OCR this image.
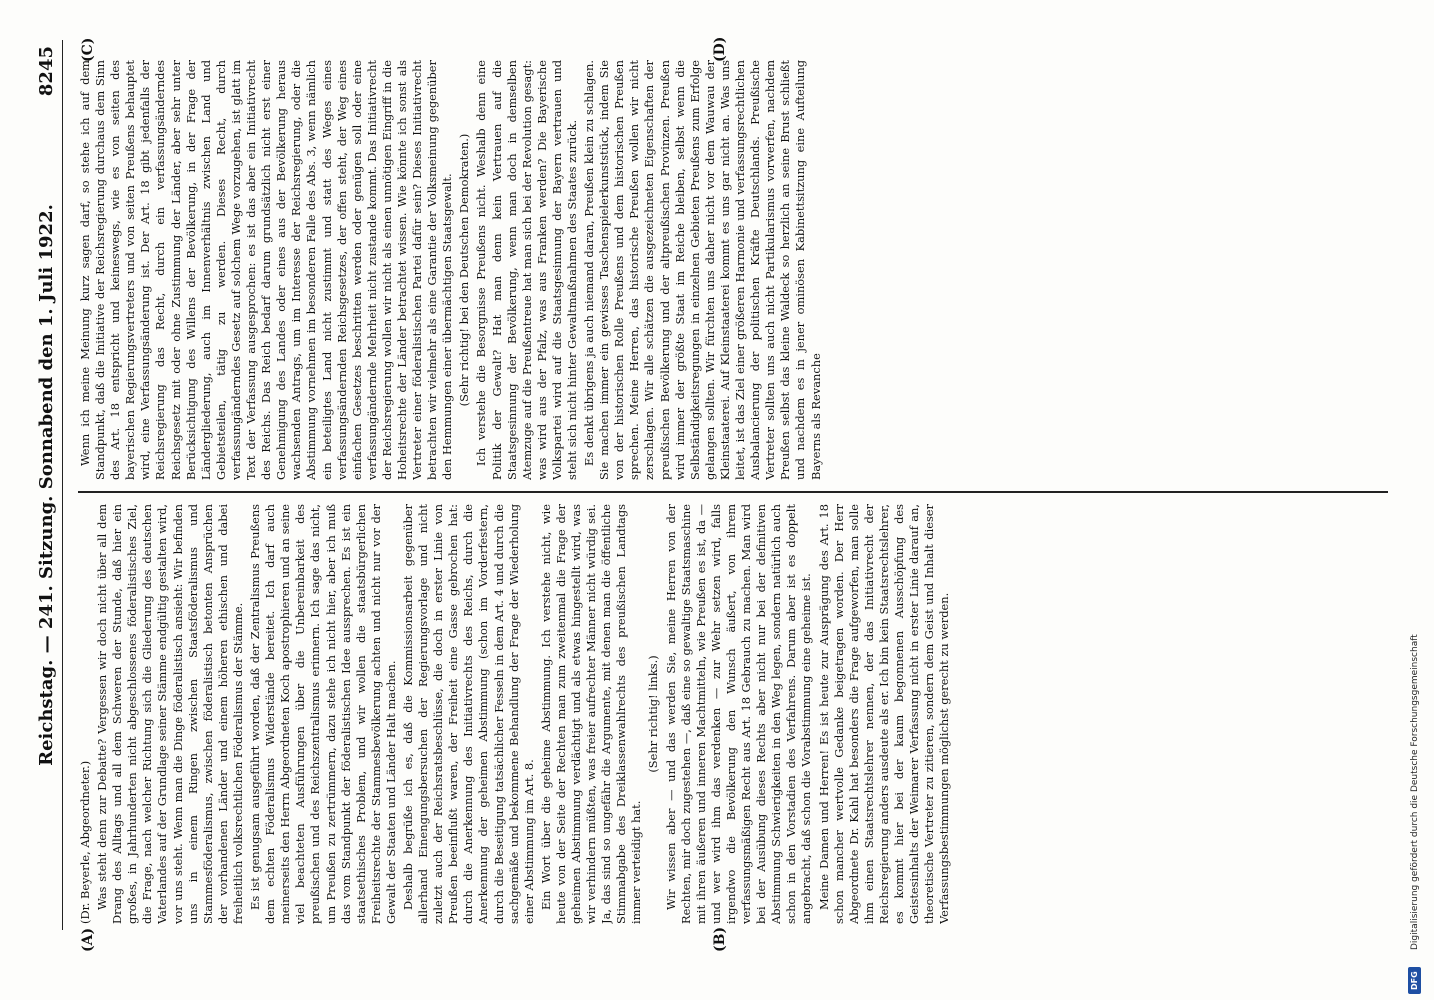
Reichstag. — 241. Sitzung. Sonnabend den 1. Juli 1922.
8245
(A)	(B)
(C)	(D)

(Dr. Beyerle, Abgeordneter.) Was steht denn zur Debatte? Vergessen wir doch nicht über all dem Drang des Alltags und all dem Schweren der Stunde, daß hier ein großes, in Jahrhunderten nicht abgeschlossenes föderalistisches Ziel, die Frage, nach welcher Richtung sich die Gliederung des deutschen Vaterlandes auf der Grundlage seiner Stämme endgültig gestalten wird, vor uns steht. Wenn man die Dinge föderalistisch ansieht: Wir befinden uns in einem Ringen zwischen Staatsföderalismus und Stammesföderalismus, zwischen föderalistisch betonten Ansprüchen der vorhandenen Länder und einem höheren ethischen und dabei freiheitlich volksrechtlichen Föderalismus der Stämme. Es ist genugsam ausgeführt worden, daß der Zentralismus Preußens dem echten Föderalismus Widerstände bereitet. Ich darf auch meinerseits den Herrn Abgeordneten Koch apostrophieren und an seine viel beachteten Ausführungen über die Unbereinbarkeit des preußischen und des Reichszentralismus erinnern. Ich sage das nicht, um Preußen zu zertrümmern, dazu stehe ich nicht hier, aber ich muß das vom Standpunkt der föderalistischen Idee aussprechen. Es ist ein staatsethisches Problem, und wir wollen die staatsbürgerlichen Freiheitsrechte der Stammesbevölkerung achten und nicht nur vor der Gewalt der Staaten und Länder Halt machen. Deshalb begrüße ich es, daß die Kommissionsarbeit gegenüber allerhand Einengungsbersuchen der Regierungsvorlage und nicht zuletzt auch der Reichsratsbeschlüsse, die doch in erster Linie von Preußen beeinflußt waren, der Freiheit eine Gasse gebrochen hat: durch die Anerkennung des Initiativrechts des Reichs, durch die Anerkennung der geheimen Abstimmung (schon im Vorderfestern, durch die Beseitigung tatsächlicher Fesseln in dem Art. 4 und durch die sachgemäße und bekommene Behandlung der Frage der Wiederholung einer Abstimmung im Art. 8. Ein Wort über die geheime Abstimmung. Ich verstehe nicht, wie heute von der Seite der Rechten man zum zweitenmal die Frage der geheimen Abstimmung verdächtigt und als etwas hingestellt wird, was wir verhindern müßten, was freier aufrechter Männer nicht würdig sei. Ja, das sind so ungefähr die Argumente, mit denen man die öffentliche Stimmabgabe des Dreiklassenwahlrechts des preußischen Landtags immer verteidigt hat.

(Sehr richtig! links.) Wir wissen aber — und das werden Sie, meine Herren von der Rechten, mir doch zugestehen —, daß eine so gewaltige Staatsmaschine mit ihren äußeren und inneren Machtmitteln, wie Preußen es ist, da — und wer wird ihm das verdenken — zur Wehr setzen wird, falls irgendwo die Bevölkerung den Wunsch äußert, von ihrem verfassungsmäßigen Recht aus Art. 18 Gebrauch zu machen. Man wird bei der Ausübung dieses Rechts aber nicht nur bei der definitiven Abstimmung Schwierigkeiten in den Weg legen, sondern natürlich auch schon in den Vorstadien des Verfahrens. Darum aber ist es doppelt angebracht, daß schon die Vorabstimmung eine geheime ist. Meine Damen und Herren! Es ist heute zur Ausprägung des Art. 18 schon mancher wertvolle Gedanke beigetragen worden. Der Herr Abgeordnete Dr. Kahl hat besonders die Frage aufgeworfen, man solle ihm einen Staatsrechtslehrer nennen, der das Initiativrecht der Reichsregierung anders ausdeute als er. Ich bin kein Staatsrechtslehrer, es kommt hier bei der kaum begonnenen Ausschöpfung des Geistesinhalts der Weimarer Verfassung nicht in erster Linie darauf an, theoretische Vertreter zu zitieren, sondern dem Geist und Inhalt dieser Verfassungsbestimmungen möglichst gerecht zu werden.

Wenn ich meine Meinung kurz sagen darf, so stehe ich auf dem Standpunkt, daß die Initiative der Reichsregierung durchaus dem Sinn des Art. 18 entspricht und keineswegs, wie es von seiten des bayerischen Regierungsvertreters und von seiten Preußens behauptet wird, eine Verfassungsänderung ist. Der Art. 18 gibt jedenfalls der Reichsregierung das Recht, durch ein verfassungsänderndes Reichsgesetz mit oder ohne Zustimmung der Länder, aber sehr unter Berücksichtigung des Willens der Bevölkerung, in der Frage der Ländergliederung, auch im Innenverhältnis zwischen Land und Gebietsteilen, tätig zu werden. Dieses Recht, durch verfassungänderndes Gesetz auf solchem Wege vorzugehen, ist glatt im Text der Verfassung ausgesprochen: es ist das aber ein Initiativrecht des Reichs. Das Reich bedarf darum grundsätzlich nicht erst einer Genehmigung des Landes oder eines aus der Bevölkerung heraus wachsenden Antrags, um im Interesse der Reichsregierung, oder die Abstimmung vornehmen im besonderen Falle des Abs. 3, wenn nämlich ein beteiligtes Land nicht zustimmt und statt des Weges eines verfassungsändernden Reichsgesetzes, der offen steht, der Weg eines einfachen Gesetzes beschritten werden oder genügen soll oder eine verfassungändernde Mehrheit nicht zustande kommt. Das Initiativrecht der Reichsregierung wollen wir nicht als einen unnötigen Eingriff in die Hoheitsrechte der Länder betrachtet wissen. Wie könnte ich sonst als Vertreter einer föderalistischen Partei dafür sein? Dieses Initiativrecht betrachten wir vielmehr als eine Garantie der Volksmeinung gegenüber den Hemmungen einer übermächtigen Staatsgewalt. (Sehr richtig! bei den Deutschen Demokraten.) Ich verstehe die Besorgnisse Preußens nicht. Weshalb denn eine Politik der Gewalt? Hat man denn kein Vertrauen auf die Staatsgesinnung der Bevölkerung, wenn man doch in demselben Atemzuge auf die Preußentreue hat man sich bei der Revolution gesagt: was wird aus der Pfalz, was aus Franken werden? Die Bayerische Volkspartei wird auf die Staatsgesinnung der Bayern vertrauen und steht sich nicht hinter Gewaltmaßnahmen des Staates zurück. Es denkt übrigens ja auch niemand daran, Preußen klein zu schlagen. Sie machen immer ein gewisses Taschenspielerkunststück, indem Sie von der historischen Rolle Preußens und dem historischen Preußen sprechen. Meine Herren, das historische Preußen wollen wir nicht zerschlagen. Wir alle schätzen die ausgezeichneten Eigenschaften der preußischen Bevölkerung und der altpreußischen Provinzen. Preußen wird immer der größte Staat im Reiche bleiben, selbst wenn die Selbständigkeitsregungen in einzelnen Gebieten Preußens zum Erfolge gelangen sollten. Wir fürchten uns daher nicht vor dem Wauwau der Kleinstaaterei. Auf Kleinstaaterei kommt es uns gar nicht an. Was uns leitet, ist das Ziel einer größeren Harmonie und verfassungsrechtlichen Ausbalancierung der politischen Kräfte Deutschlands. Preußische Vertreter sollten uns auch nicht Partikularismus vorwerfen, nachdem Preußen selbst das kleine Waldeck so herzlich an seine Brust schließt und nachdem es in jener ominösen Kabinettsitzung eine Aufteilung Bayerns als Revanche

DFG
Digitalisierung gefördert durch die Deutsche Forschungsgemeinschaft
